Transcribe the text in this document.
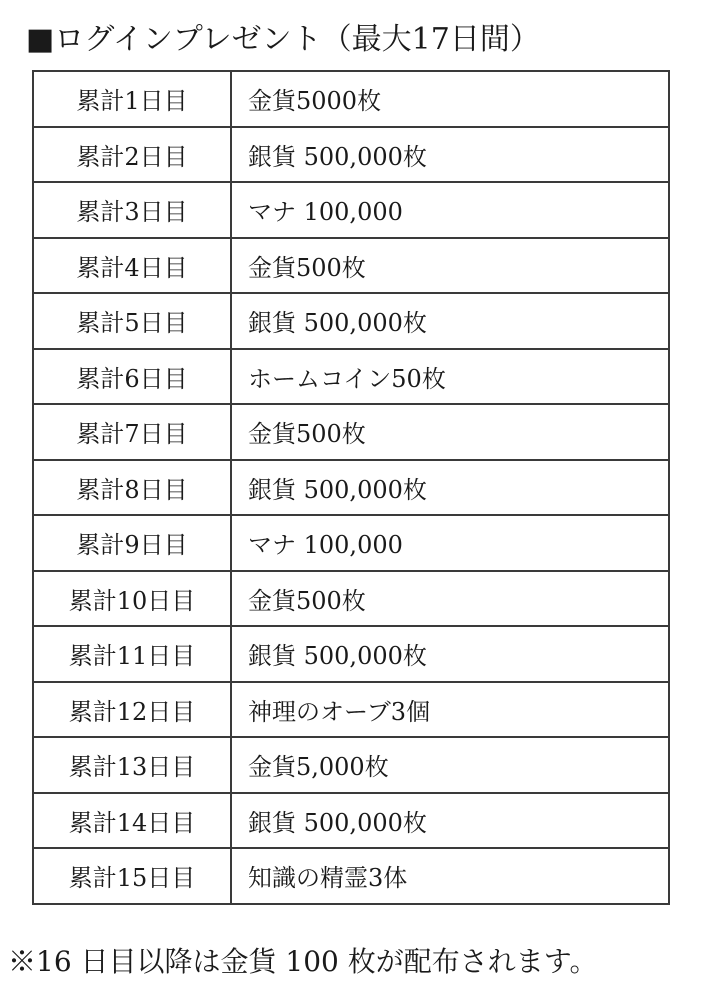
■ログインプレゼント（最大17日間）
累計1日目	金貨5000枚
累計2日目	銀貨 500,000枚
累計3日目	マナ 100,000
累計4日目	金貨500枚
累計5日目	銀貨 500,000枚
累計6日目	ホームコイン50枚
累計7日目	金貨500枚
累計8日目	銀貨 500,000枚
累計9日目	マナ 100,000
累計10日目	金貨500枚
累計11日目	銀貨 500,000枚
累計12日目	神理のオーブ3個
累計13日目	金貨5,000枚
累計14日目	銀貨 500,000枚
累計15日目	知識の精霊3体
※16 日目以降は金貨 100 枚が配布されます。
